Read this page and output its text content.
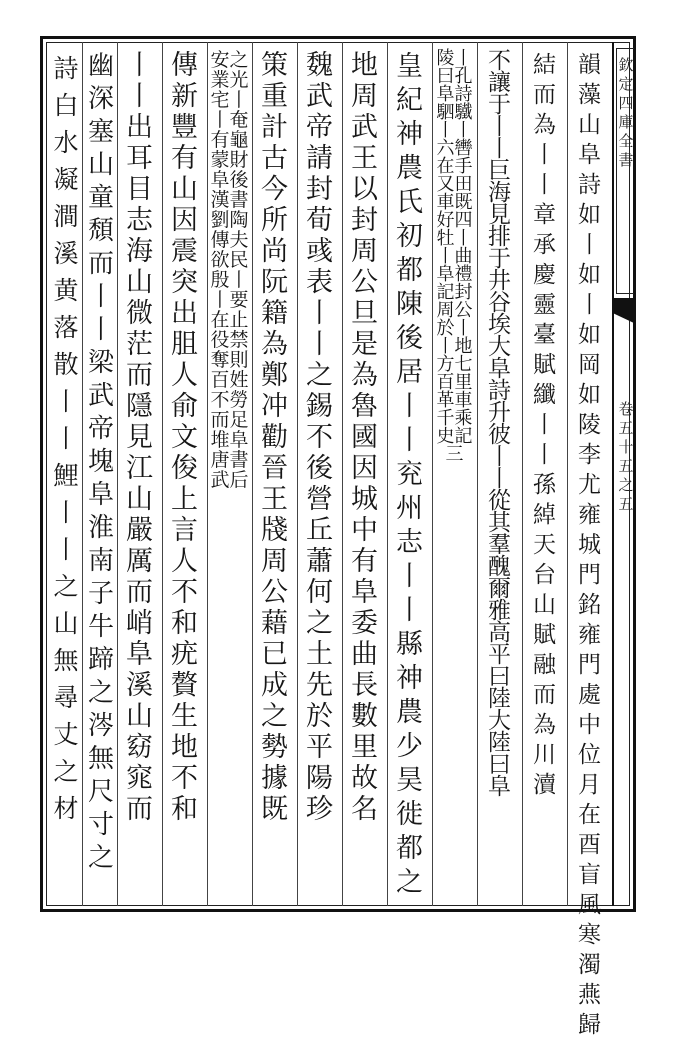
欽定四庫全書
卷五十五之五
韻藻山阜詩如丨如丨如岡如陵李尤雍城門銘雍門處中位月在酉盲風寒濁燕歸
結而為丨丨章承慶靈臺賦纖丨丨孫綽天台山賦融而為川瀆
不讓于丨丨巨海見排于井谷埃大阜詩升彼丨丨從其羣醜爾雅高平曰陸大陸曰阜
陵丨曰孔阜詩駟驖丨丨六轡在手又田車既好四牡丨丨曲阜禮記封周公於丨丨地方七百里革車千乘史記三
皇紀神農氏初都陳後居丨丨兖州志丨丨縣神農少昊徙都之
地周武王以封周公旦是為魯國因城中有阜委曲長數里故名
魏武帝請封荀彧表丨丨之錫不後營丘蕭何之土先於平陽珍
策重計古今所尚阮籍為鄭冲勸晉王牋周公藉已成之勢據既
安之業光宅丨丨奄有龜蒙財阜後漢書劉陶傳夫欲民殷丨丨要在止役禁奪則百姓不勞而足堆阜唐書武后
傳新豐有山因震突出䏣人俞文俊上言人不和疣贅生地不和
丨丨出耳目志海山微茫而隱見江山嚴厲而峭阜溪山窈窕而
幽深塞山童頹而丨丨梁武帝塊阜淮南子牛蹄之涔無尺寸之
詩白水凝澗溪黄落散丨丨鯉丨丨之山無尋丈之材
